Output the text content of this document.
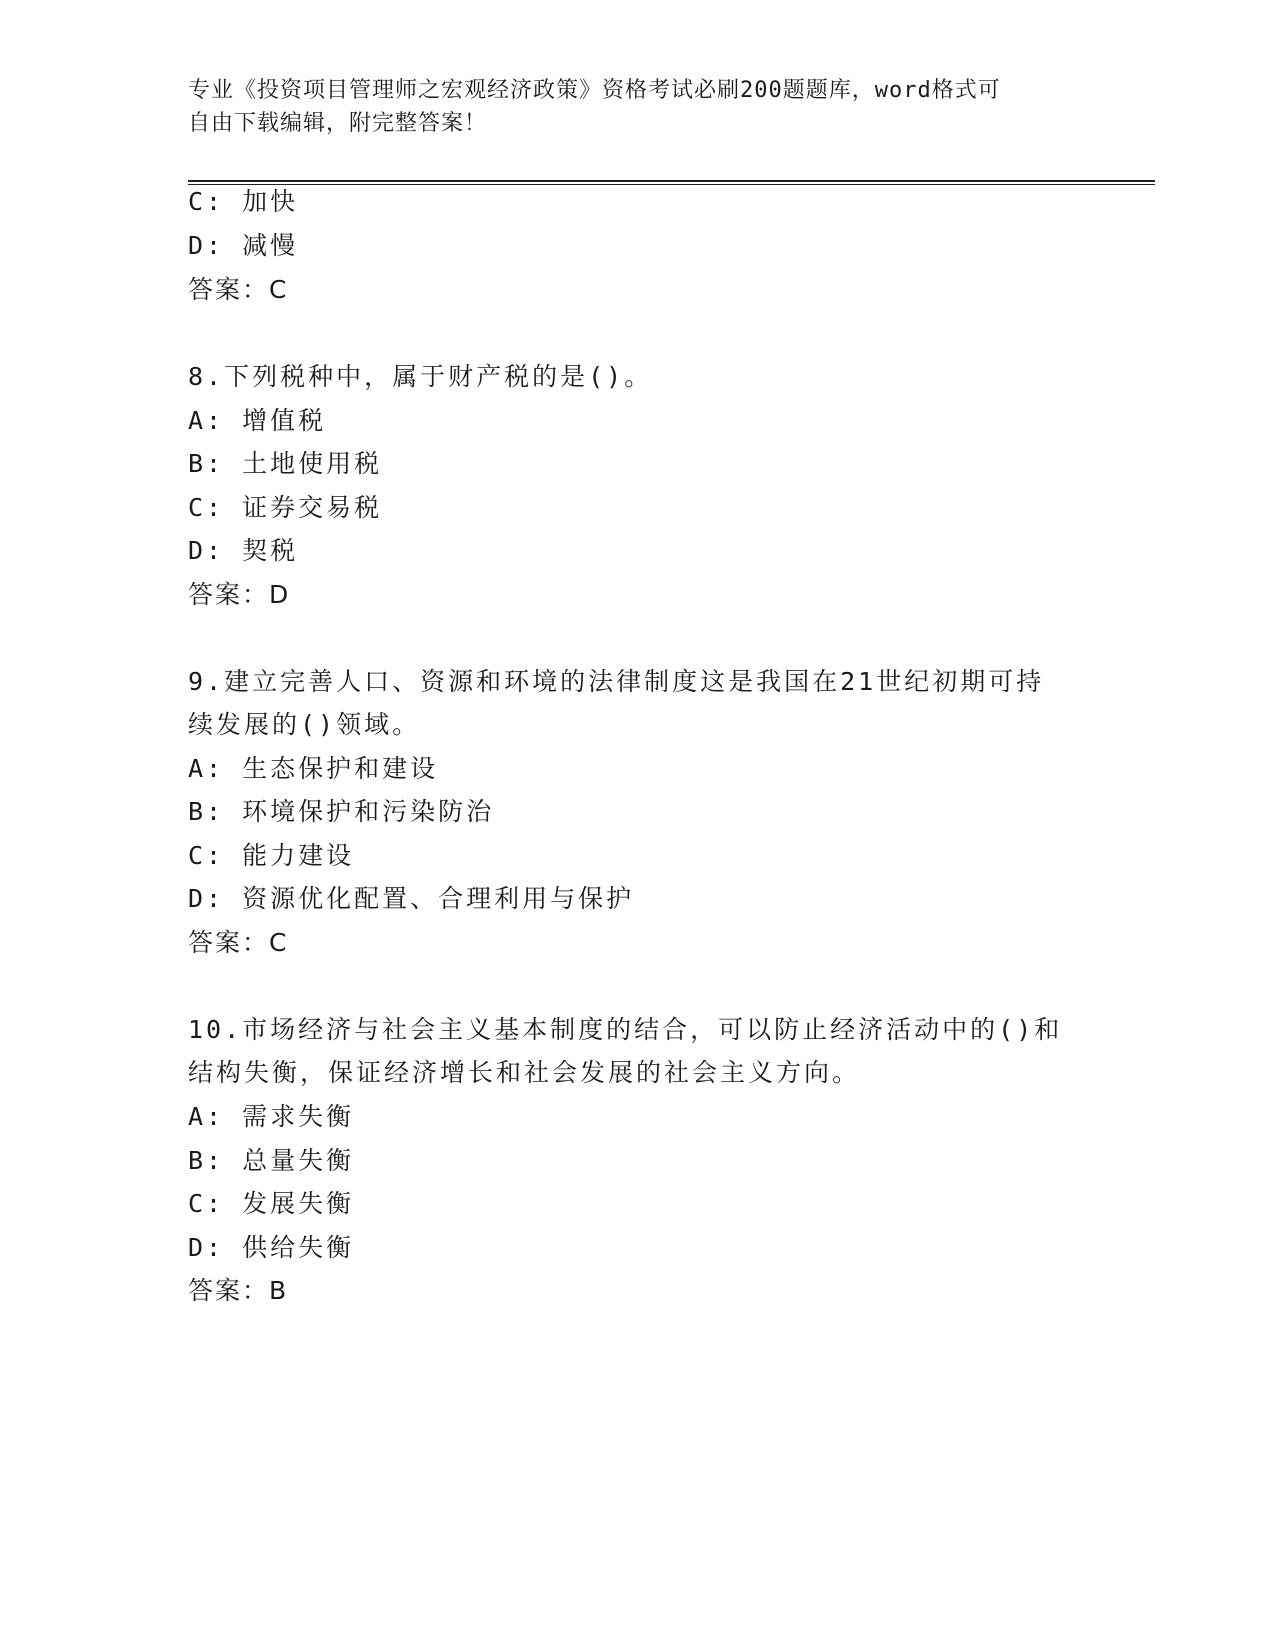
专业《投资项目管理师之宏观经济政策》资格考试必刷200题题库，word格式可
自由下载编辑，附完整答案！
C: 加快
D: 减慢
答案：C
8.下列税种中，属于财产税的是()。
A: 增值税
B: 土地使用税
C: 证券交易税
D: 契税
答案：D
9.建立完善人口、资源和环境的法律制度这是我国在21世纪初期可持
续发展的()领域。
A: 生态保护和建设
B: 环境保护和污染防治
C: 能力建设
D: 资源优化配置、合理利用与保护
答案：C
10.市场经济与社会主义基本制度的结合，可以防止经济活动中的()和
结构失衡，保证经济增长和社会发展的社会主义方向。
A: 需求失衡
B: 总量失衡
C: 发展失衡
D: 供给失衡
答案：B
